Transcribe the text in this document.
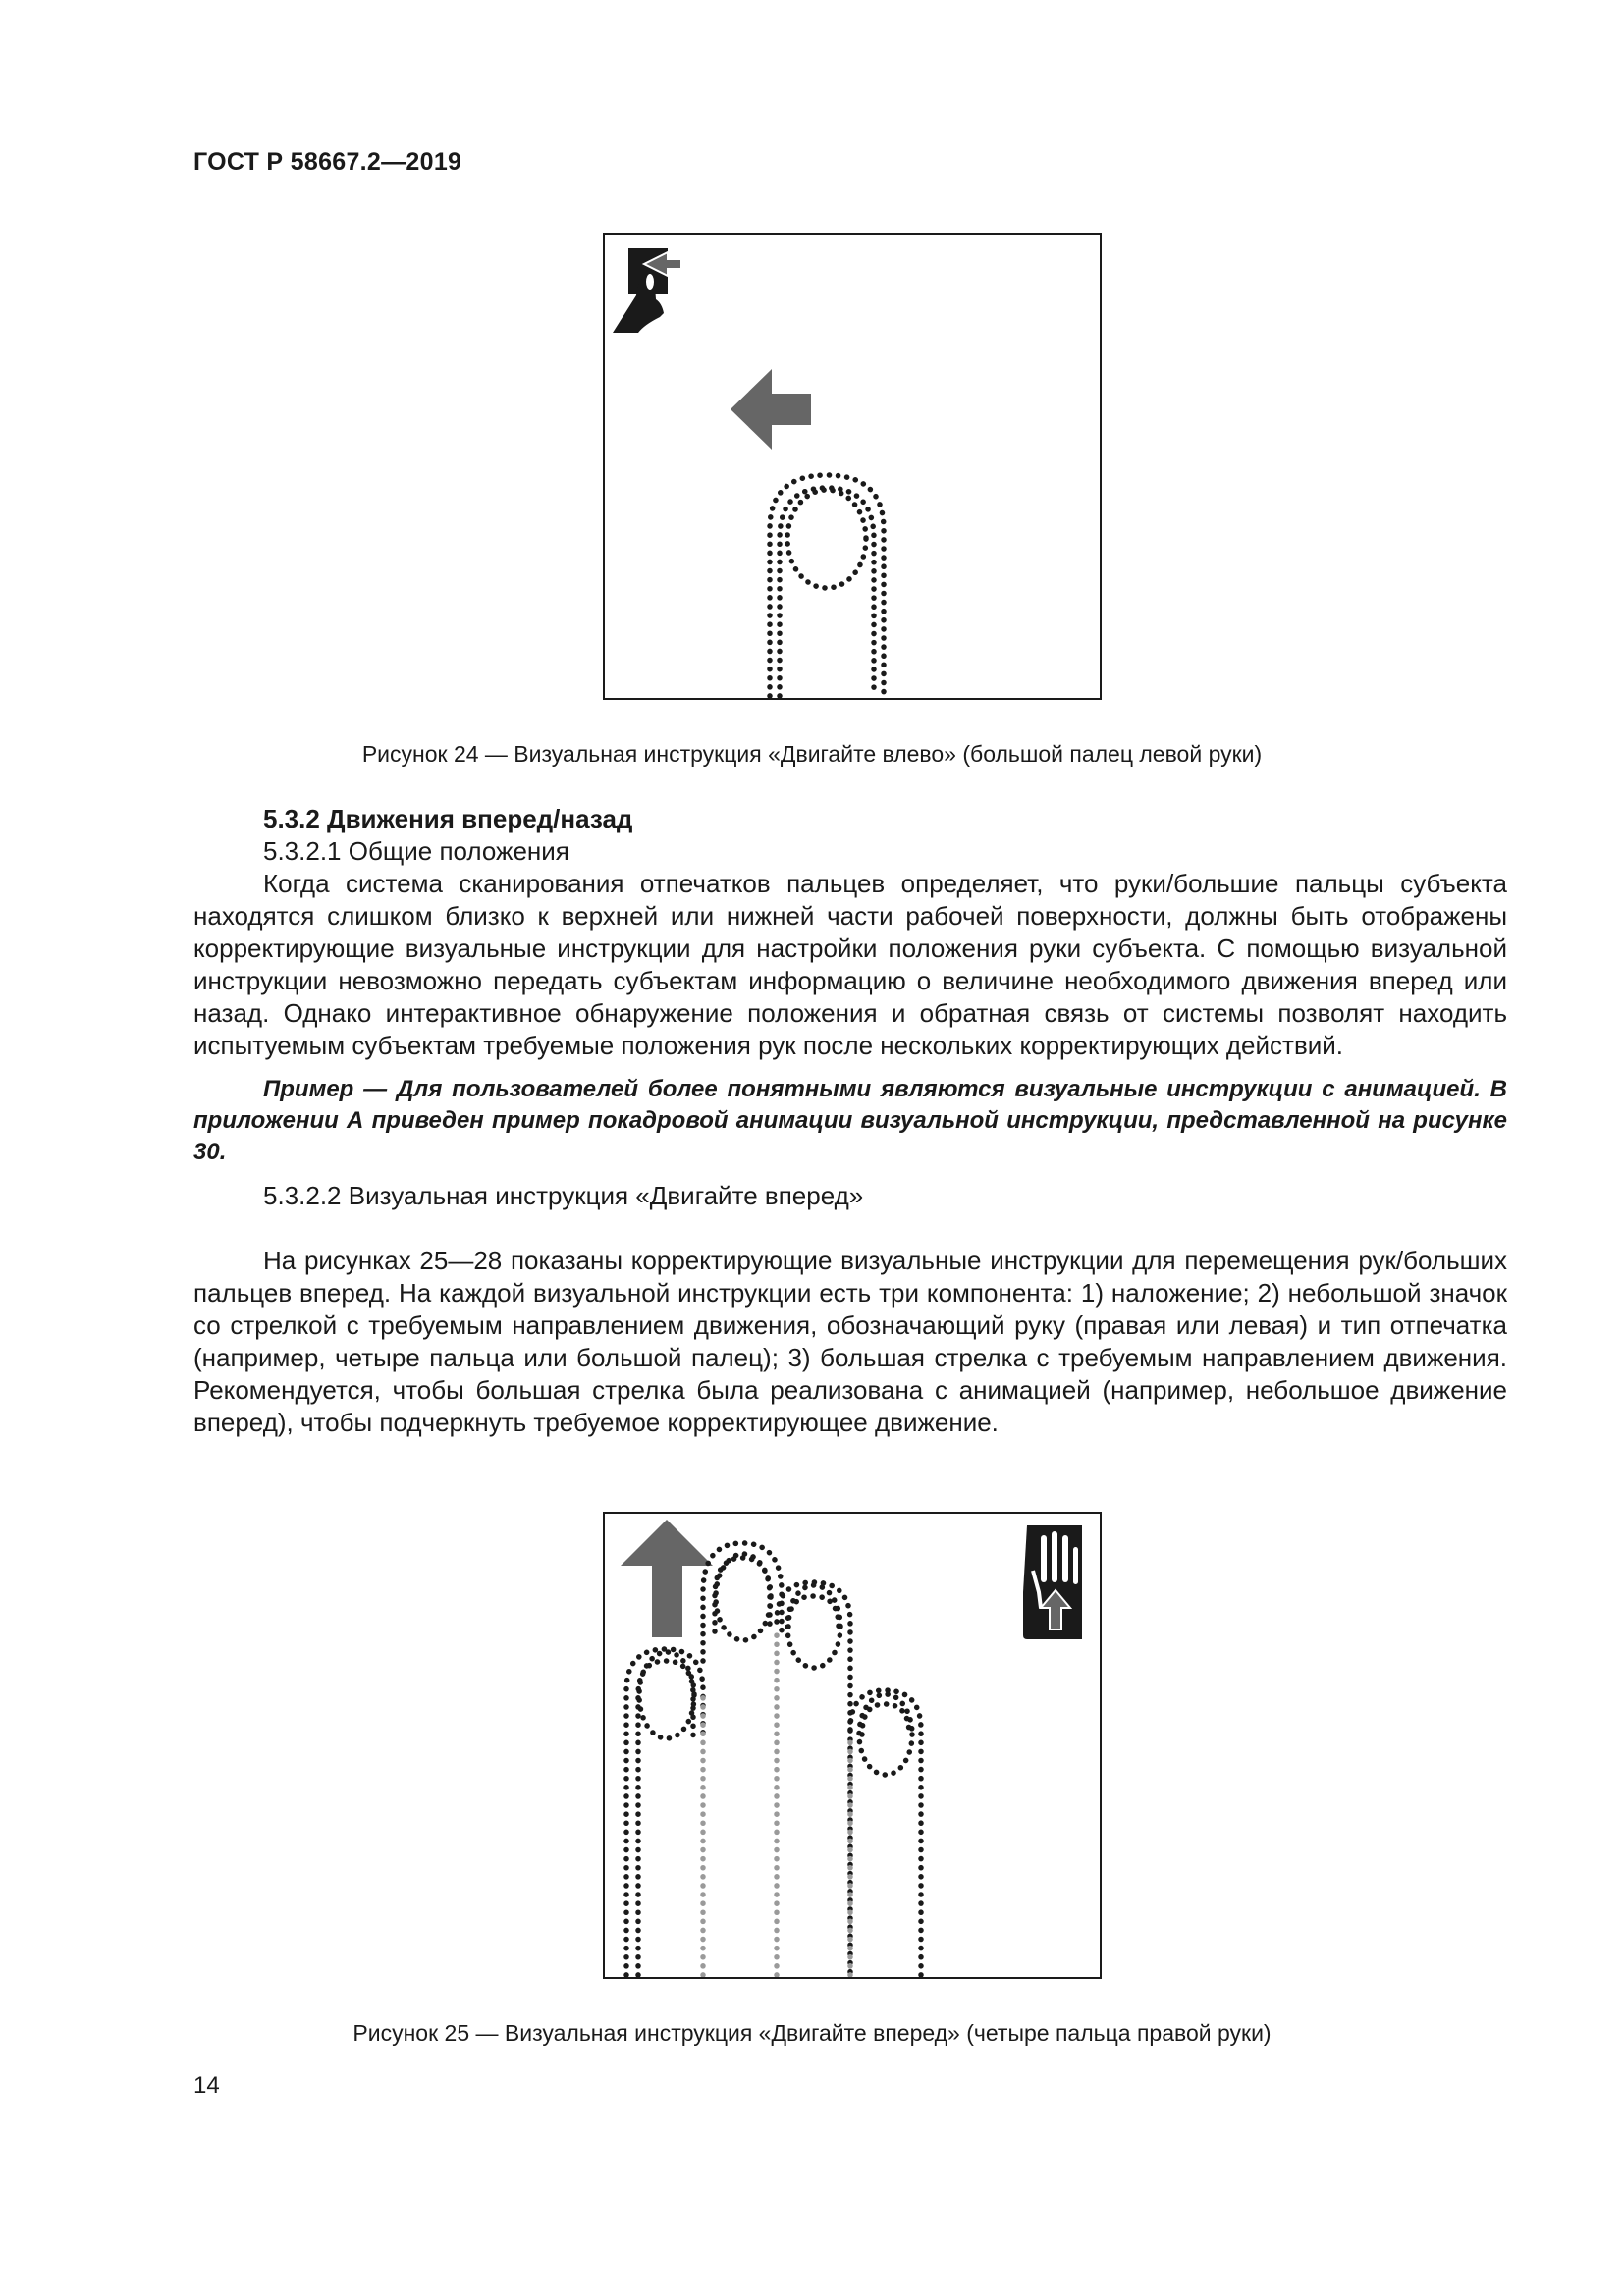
ГОСТ Р 58667.2—2019
Рисунок 24 — Визуальная инструкция «Двигайте влево» (большой палец левой руки)

5.3.2 Движения вперед/назад

5.3.2.1 Общие положения

Когда система сканирования отпечатков пальцев определяет, что руки/большие пальцы субъекта находятся слишком близко к верхней или нижней части рабочей поверхности, должны быть отображены корректирующие визуальные инструкции для настройки положения руки субъекта. С помощью визуальной инструкции невозможно передать субъектам информацию о величине необходимого движения вперед или назад. Однако интерактивное обнаружение положения и обратная связь от системы позволят находить испытуемым субъектам требуемые положения рук после нескольких корректирующих действий.

Пример — Для пользователей более понятными являются визуальные инструкции с анимацией. В приложении А приведен пример покадровой анимации визуальной инструкции, представленной на рисунке 30.

5.3.2.2 Визуальная инструкция «Двигайте вперед»

На рисунках 25—28 показаны корректирующие визуальные инструкции для перемещения рук/больших пальцев вперед. На каждой визуальной инструкции есть три компонента: 1) наложение; 2) небольшой значок со стрелкой с требуемым направлением движения, обозначающий руку (правая или левая) и тип отпечатка (например, четыре пальца или большой палец); 3) большая стрелка с требуемым направлением движения. Рекомендуется, чтобы большая стрелка была реализована с анимацией (например, небольшое движение вперед), чтобы подчеркнуть требуемое корректирующее движение.

Рисунок 25 — Визуальная инструкция «Двигайте вперед» (четыре пальца правой руки)
14
